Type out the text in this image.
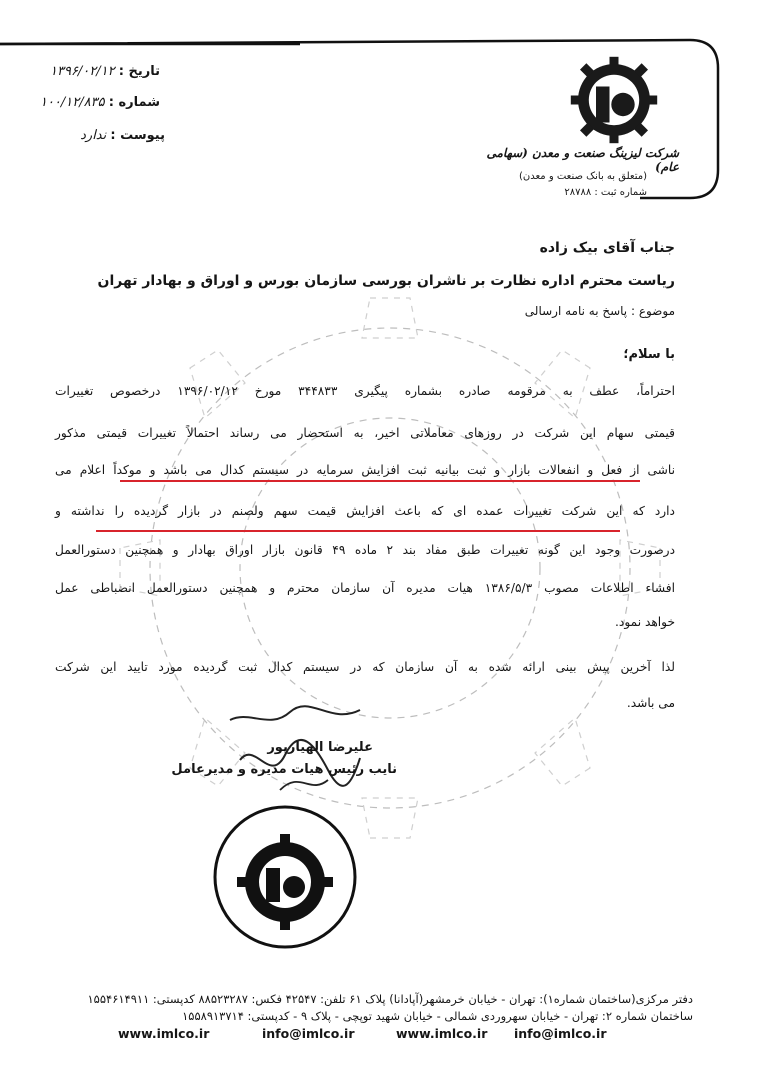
تاریخ : ۱۳۹۶/۰۲/۱۲
شماره : ۱۰۰/۱۲/۸۳۵
پیوست : ندارد
شرکت لیزینگ صنعت و معدن (سهامی عام)
(متعلق به بانک صنعت و معدن)
شماره ثبت : ۲۸۷۸۸
جناب آقای بیک زاده
ریاست محترم اداره نظارت بر ناشران بورسی سازمان بورس و اوراق و بهادار تهران
موضوع : پاسخ به نامه ارسالی
با سلام؛
احتراماً، عطف به مرقومه صادره بشماره پیگیری ۳۴۴۸۳۳ مورخ ۱۳۹۶/۰۲/۱۲ درخصوص تغییرات
قیمتی سهام این شرکت در روزهای معاملاتی اخیر، به استحضار می رساند احتمالاً تغییرات قیمتی مذکور
ناشی از فعل و انفعالات بازار و ثبت بیانیه ثبت افزایش سرمایه در سیستم کدال می باشد و موکداً اعلام می
دارد که این شرکت تغییرات عمده ای که باعث افزایش قیمت سهم ولصنم در بازار گردیده را نداشته و
درصورت وجود این گونه تغییرات طبق مفاد بند ۲ ماده ۴۹ قانون بازار اوراق بهادار و همچنین دستورالعمل
افشاء اطلاعات مصوب ۱۳۸۶/۵/۳ هیات مدیره آن سازمان محترم و همچنین دستورالعمل انضباطی عمل
خواهد نمود.
لذا آخرین پیش بینی ارائه شده به آن سازمان که در سیستم کدال ثبت گردیده مورد تایید این شرکت
می باشد.
علیرضا الهیارپور
نایب رئیس هیات مدیره و مدیرعامل
دفتر مرکزی(ساختمان شماره۱): تهران - خیابان خرمشهر(آپادانا) پلاک ۶۱ تلفن: ۴۲۵۴۷ فکس: ۸۸۵۲۳۲۸۷ کدپستی: ۱۵۵۴۶۱۴۹۱۱
ساختمان شماره ۲: تهران - خیابان سهروردی شمالی - خیابان شهید توپچی - پلاک ۹ - کدپستی: ۱۵۵۸۹۱۳۷۱۴
www.imlco.ir	info@imlco.ir	www.imlco.ir info@imlco.ir
